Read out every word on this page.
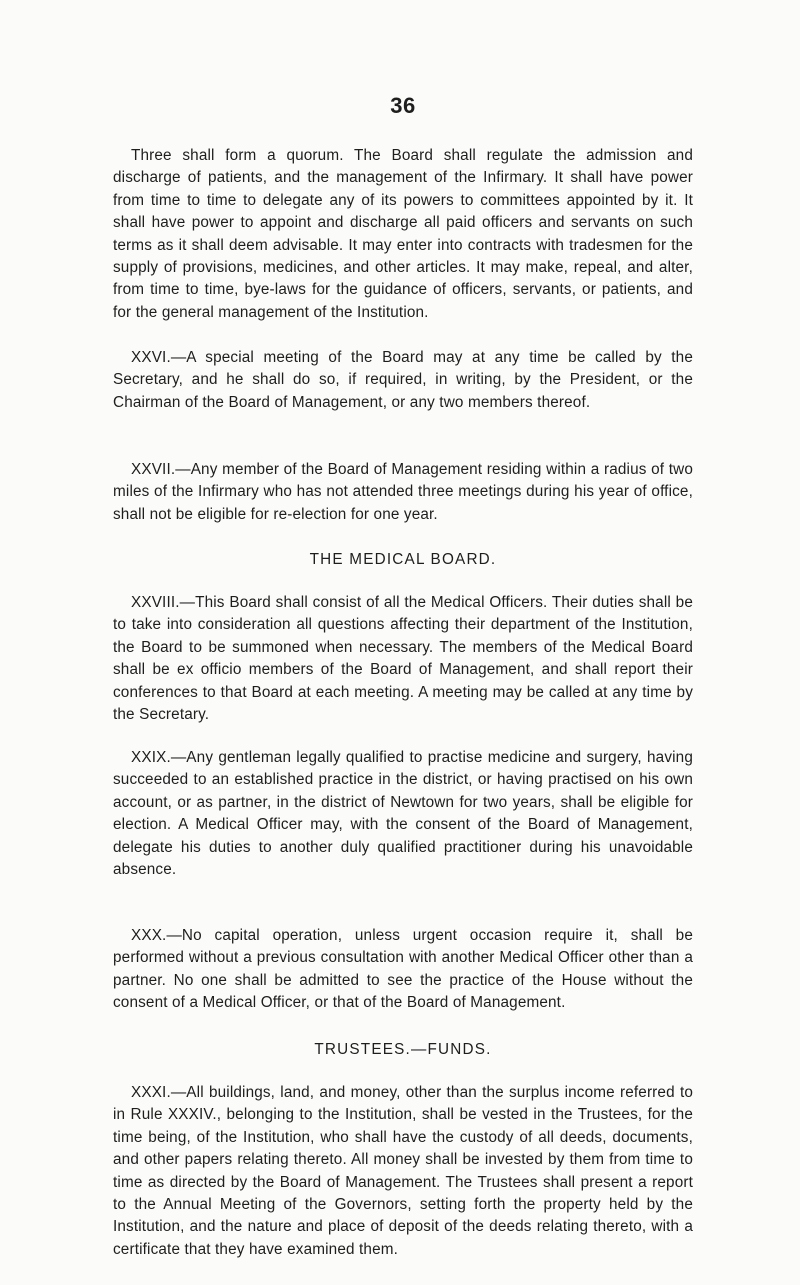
36

Three shall form a quorum. The Board shall regulate the admission and discharge of patients, and the management of the Infirmary. It shall have power from time to time to delegate any of its powers to committees appointed by it. It shall have power to appoint and discharge all paid officers and servants on such terms as it shall deem advisable. It may enter into contracts with tradesmen for the supply of provisions, medicines, and other articles. It may make, repeal, and alter, from time to time, bye-laws for the guidance of officers, servants, or patients, and for the general management of the Institution.

XXVI.—A special meeting of the Board may at any time be called by the Secretary, and he shall do so, if required, in writing, by the President, or the Chairman of the Board of Management, or any two members thereof.

XXVII.—Any member of the Board of Management residing within a radius of two miles of the Infirmary who has not attended three meetings during his year of office, shall not be eligible for re-election for one year.

THE MEDICAL BOARD.

XXVIII.—This Board shall consist of all the Medical Officers. Their duties shall be to take into consideration all questions affecting their department of the Institution, the Board to be summoned when necessary. The members of the Medical Board shall be ex officio members of the Board of Management, and shall report their conferences to that Board at each meeting. A meeting may be called at any time by the Secretary.

XXIX.—Any gentleman legally qualified to practise medicine and surgery, having succeeded to an established practice in the district, or having practised on his own account, or as partner, in the district of Newtown for two years, shall be eligible for election. A Medical Officer may, with the consent of the Board of Management, delegate his duties to another duly qualified practitioner during his unavoidable absence.

XXX.—No capital operation, unless urgent occasion require it, shall be performed without a previous consultation with another Medical Officer other than a partner. No one shall be admitted to see the practice of the House without the consent of a Medical Officer, or that of the Board of Management.

TRUSTEES.—FUNDS.

XXXI.—All buildings, land, and money, other than the surplus income referred to in Rule XXXIV., belonging to the Institution, shall be vested in the Trustees, for the time being, of the Institution, who shall have the custody of all deeds, documents, and other papers relating thereto. All money shall be invested by them from time to time as directed by the Board of Management. The Trustees shall present a report to the Annual Meeting of the Governors, setting forth the property held by the Institution, and the nature and place of deposit of the deeds relating thereto, with a certificate that they have examined them.
